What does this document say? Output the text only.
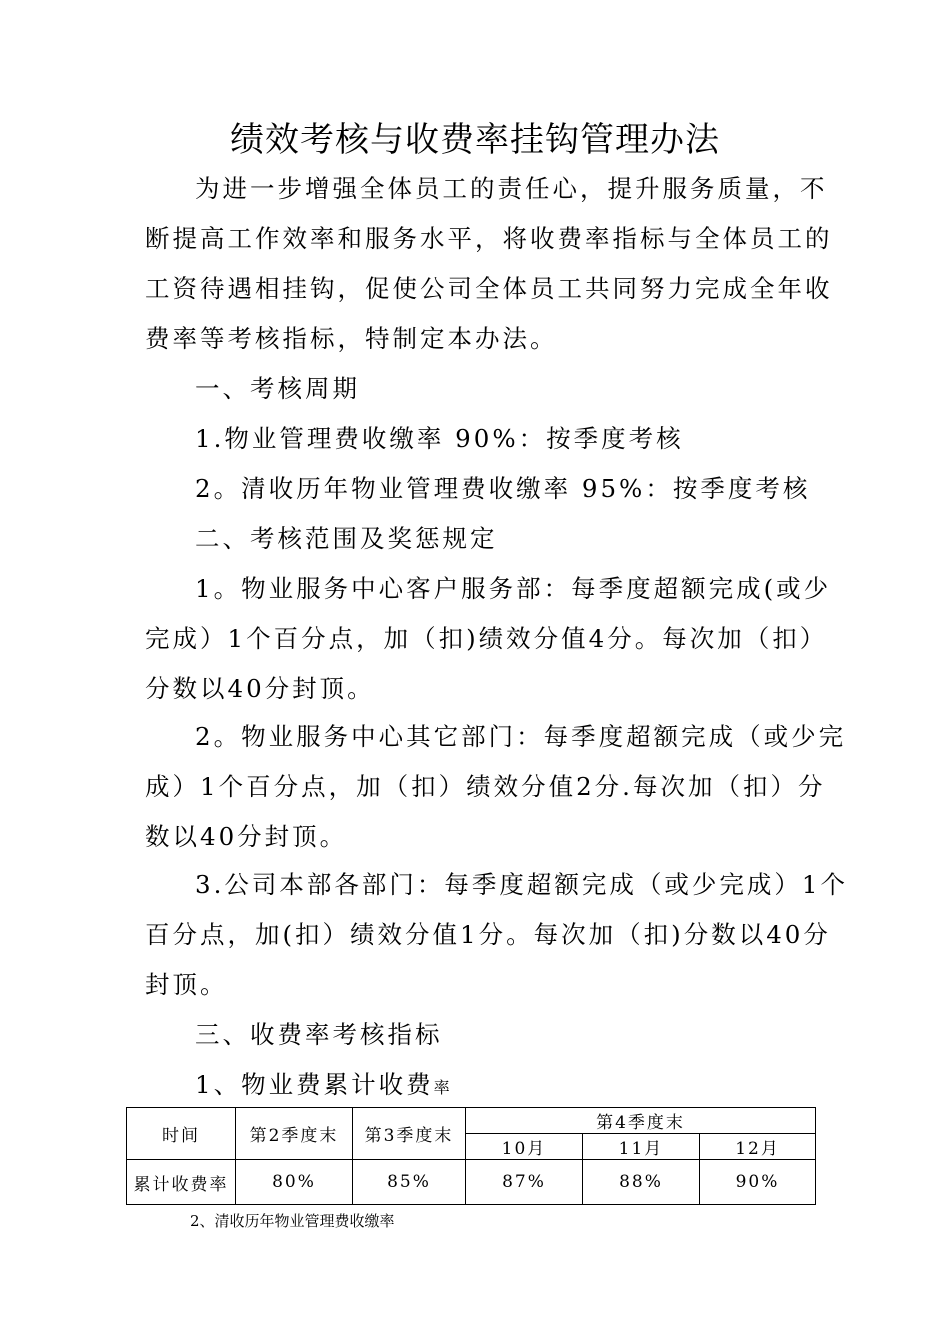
绩效考核与收费率挂钩管理办法

为进一步增强全体员工的责任心，提升服务质量，不

断提高工作效率和服务水平，将收费率指标与全体员工的

工资待遇相挂钩，促使公司全体员工共同努力完成全年收

费率等考核指标，特制定本办法。

一、考核周期

1.物业管理费收缴率 90%：按季度考核

2。清收历年物业管理费收缴率 95%：按季度考核

二、考核范围及奖惩规定

1。物业服务中心客户服务部：每季度超额完成(或少

完成）1个百分点，加（扣)绩效分值4分。每次加（扣）

分数以40分封顶。

2。物业服务中心其它部门：每季度超额完成（或少完

成）1个百分点，加（扣）绩效分值2分.每次加（扣）分

数以40分封顶。

3.公司本部各部门：每季度超额完成（或少完成）1个

百分点，加(扣）绩效分值1分。每次加（扣)分数以40分

封顶。

三、收费率考核指标

1、物业费累计收费率

时间	第2季度末	第3季度末	第4季度末		
			10月	11月	12月
累计收费率	80%	85%	87%	88%	90%

2、清收历年物业管理费收缴率
